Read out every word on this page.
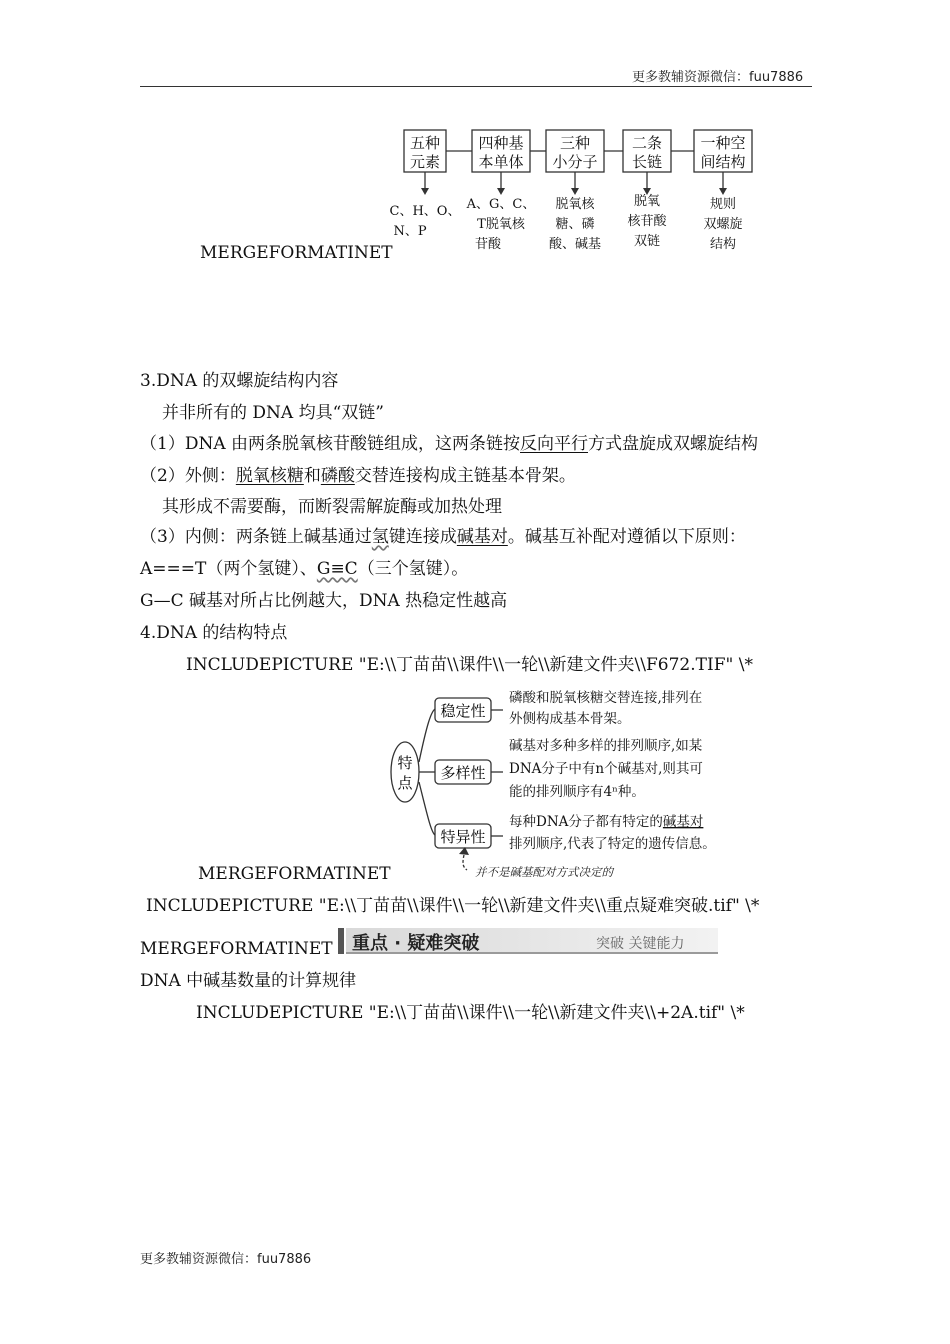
更多教辅资源微信：fuu7886
五种
元素
四种基
本单体
三种
小分子
二条
长链
一种空
间结构
C、H、O、
N、P
A、G、C、
T脱氧核
苷酸
脱氧核
糖、磷
酸、碱基
脱氧
核苷酸
双链
规则
双螺旋
结构
MERGEFORMATINET
3.DNA 的双螺旋结构内容
并非所有的 DNA 均具“双链”
（1）DNA 由两条脱氧核苷酸链组成，这两条链按反向平行方式盘旋成双螺旋结构
（2）外侧：脱氧核糖和磷酸交替连接构成主链基本骨架。
其形成不需要酶，而断裂需解旋酶或加热处理
（3）内侧：两条链上碱基通过氢键连接成碱基对。碱基互补配对遵循以下原则：
A===T（两个氢键）、G≡C（三个氢键）。
G—C 碱基对所占比例越大，DNA 热稳定性越高
4.DNA 的结构特点
INCLUDEPICTURE "E:\\丁苗苗\\课件\\一轮\\新建文件夹\\F672.TIF" \*
特
点
稳定性
多样性
特异性
磷酸和脱氧核糖交替连接,排列在
外侧构成基本骨架。
碱基对多种多样的排列顺序,如某
DNA分子中有n个碱基对,则其可
能的排列顺序有4ⁿ种。
每种DNA分子都有特定的碱基对
排列顺序,代表了特定的遗传信息。
并不是碱基配对方式决定的
MERGEFORMATINET
INCLUDEPICTURE "E:\\丁苗苗\\课件\\一轮\\新建文件夹\\重点疑难突破.tif" \*
MERGEFORMATINET 重点 · 疑难突破	突破 关键能力
DNA 中碱基数量的计算规律
INCLUDEPICTURE "E:\\丁苗苗\\课件\\一轮\\新建文件夹\\+2A.tif" \*
更多教辅资源微信：fuu7886
